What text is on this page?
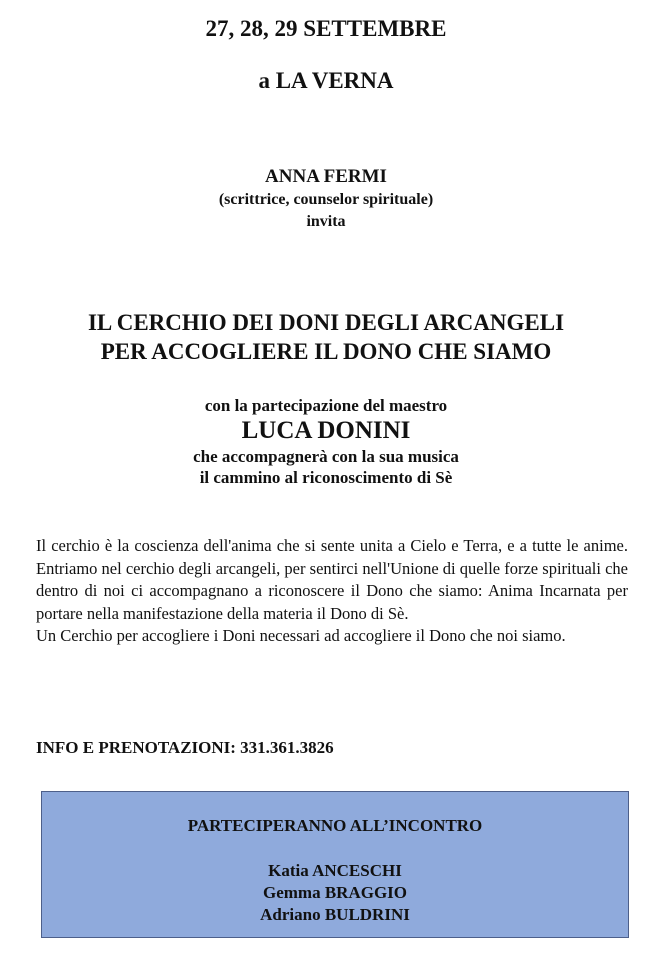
27, 28, 29 SETTEMBRE
a LA VERNA
ANNA FERMI
(scrittrice, counselor spirituale)
invita
IL CERCHIO DEI DONI DEGLI ARCANGELI
PER ACCOGLIERE IL DONO CHE SIAMO
con la partecipazione del maestro
LUCA DONINI
che accompagnerà con la sua musica
il cammino al riconoscimento di Sè

Il cerchio è la coscienza dell'anima che si sente unita a Cielo e Terra, e a tutte le anime. Entriamo nel cerchio degli arcangeli, per sentirci nell'Unione di quelle forze spirituali che dentro di noi ci accompagnano a riconoscere il Dono che siamo: Anima Incarnata per portare nella manifestazione della materia il Dono di Sè.

Un Cerchio per accogliere i Doni necessari ad accogliere il Dono che noi siamo.

INFO E PRENOTAZIONI: 331.361.3826
PARTECIPERANNO ALL’INCONTRO
Katia ANCESCHI
Gemma BRAGGIO
Adriano BULDRINI
